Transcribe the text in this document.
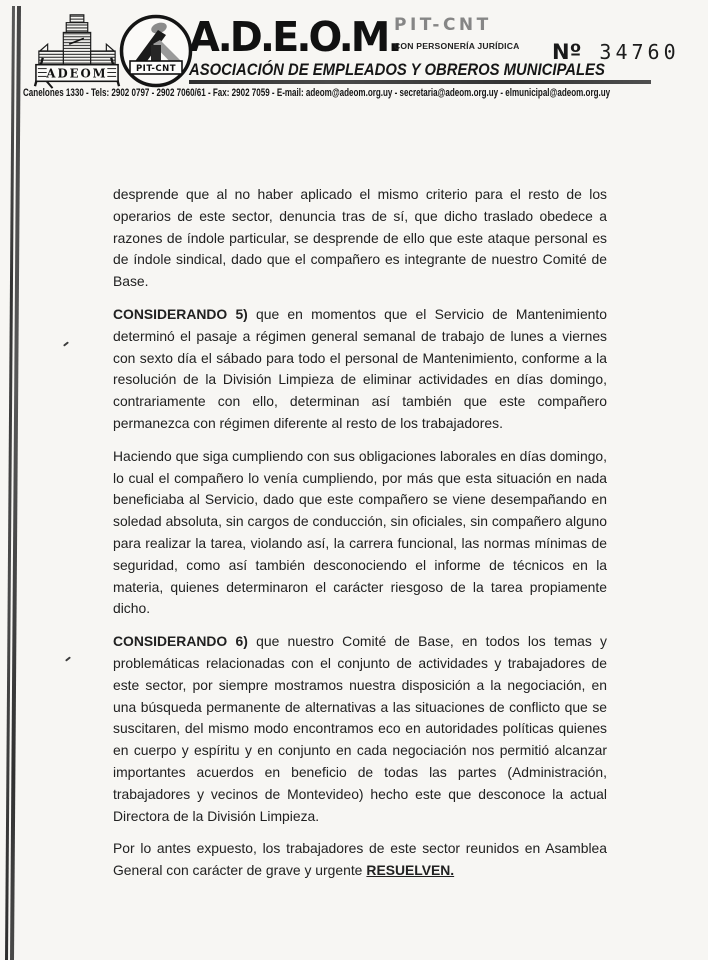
ADEOM	PIT-CNT
A.D.E.O.M.
PIT-CNT
CON PERSONERÍA JURÍDICA
ASOCIACIÓN DE EMPLEADOS Y OBREROS MUNICIPALES
Nº 34760
Canelones 1330 - Tels: 2902 0797 - 2902 7060/61 - Fax: 2902 7059 - E-mail: adeom@adeom.org.uy - secretaria@adeom.org.uy - elmunicipal@adeom.org.uy

desprende que al no haber aplicado el mismo criterio para el resto de los operarios de este sector, denuncia tras de sí, que dicho traslado obedece a razones de índole particular, se desprende de ello que este ataque personal es de índole sindical, dado que el compañero es integrante de nuestro Comité de Base.

CONSIDERANDO 5) que en momentos que el Servicio de Mantenimiento determinó el pasaje a régimen general semanal de trabajo de lunes a viernes con sexto día el sábado para todo el personal de Mantenimiento, conforme a la resolución de la División Limpieza de eliminar actividades en días domingo, contrariamente con ello, determinan así también que este compañero permanezca con régimen diferente al resto de los trabajadores.

Haciendo que siga cumpliendo con sus obligaciones laborales en días domingo, lo cual el compañero lo venía cumpliendo, por más que esta situación en nada beneficiaba al Servicio, dado que este compañero se viene desempañando en soledad absoluta, sin cargos de conducción, sin oficiales, sin compañero alguno para realizar la tarea, violando así, la carrera funcional, las normas mínimas de seguridad, como así también desconociendo el informe de técnicos en la materia, quienes determinaron el carácter riesgoso de la tarea propiamente dicho.

CONSIDERANDO 6) que nuestro Comité de Base, en todos los temas y problemáticas relacionadas con el conjunto de actividades y trabajadores de este sector, por siempre mostramos nuestra disposición a la negociación, en una búsqueda permanente de alternativas a las situaciones de conflicto que se suscitaren, del mismo modo encontramos eco en autoridades políticas quienes en cuerpo y espíritu y en conjunto en cada negociación nos permitió alcanzar importantes acuerdos en beneficio de todas las partes (Administración, trabajadores y vecinos de Montevideo) hecho este que desconoce la actual Directora de la División Limpieza.

Por lo antes expuesto, los trabajadores de este sector reunidos en Asamblea General con carácter de grave y urgente RESUELVEN.
